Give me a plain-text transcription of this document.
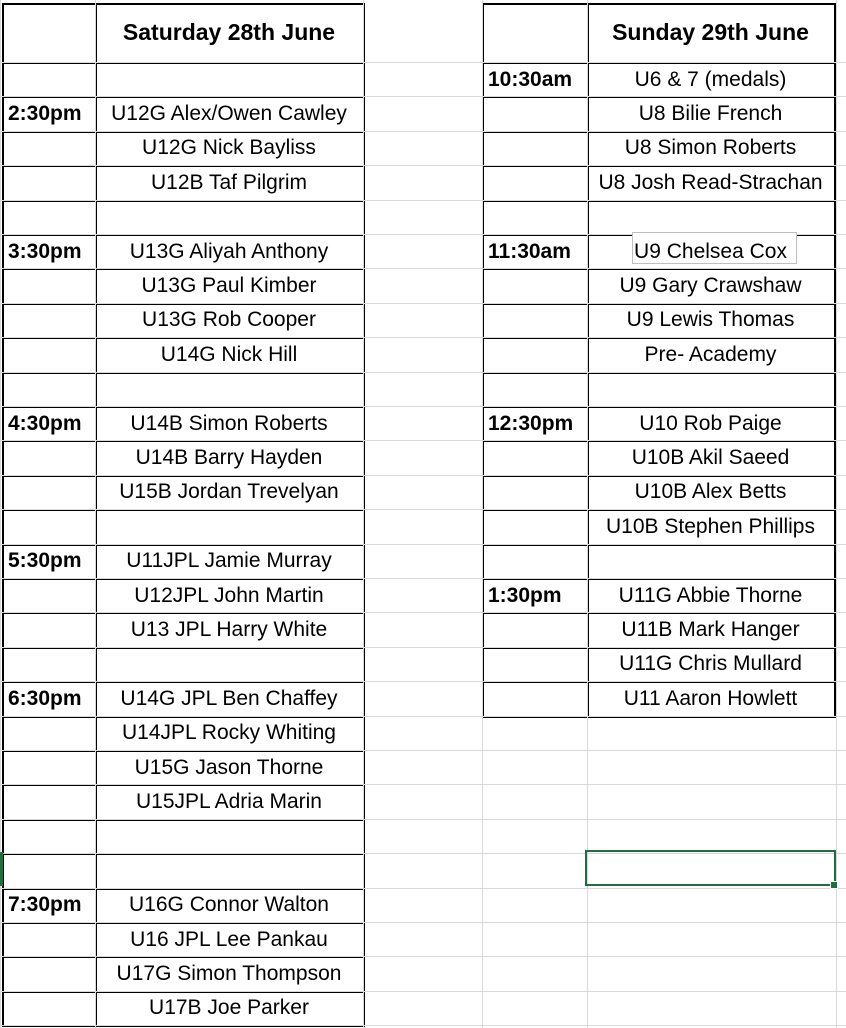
Saturday 28th June	Sunday 29th June
2:30pm	U12G Alex/Owen Cawley
U12G Nick Bayliss
U12B Taf Pilgrim
3:30pm	U13G Aliyah Anthony
U13G Paul Kimber
U13G Rob Cooper
U14G Nick Hill
4:30pm	U14B Simon Roberts
U14B Barry Hayden
U15B Jordan Trevelyan
5:30pm	U11JPL Jamie Murray
U12JPL John Martin
U13 JPL Harry White
6:30pm	U14G JPL Ben Chaffey
U14JPL Rocky Whiting
U15G Jason Thorne
U15JPL Adria Marin
7:30pm	U16G Connor Walton
U16 JPL Lee Pankau
U17G Simon Thompson
U17B Joe Parker
10:30am	U6 & 7 (medals)
U8 Bilie French
U8 Simon Roberts
U8 Josh Read-Strachan
11:30am	U9 Chelsea Cox
U9 Gary Crawshaw
U9 Lewis Thomas
Pre- Academy
12:30pm	U10 Rob Paige
U10B Akil Saeed
U10B Alex Betts
U10B Stephen Phillips
1:30pm	U11G Abbie Thorne
U11B Mark Hanger
U11G Chris Mullard
U11 Aaron Howlett
